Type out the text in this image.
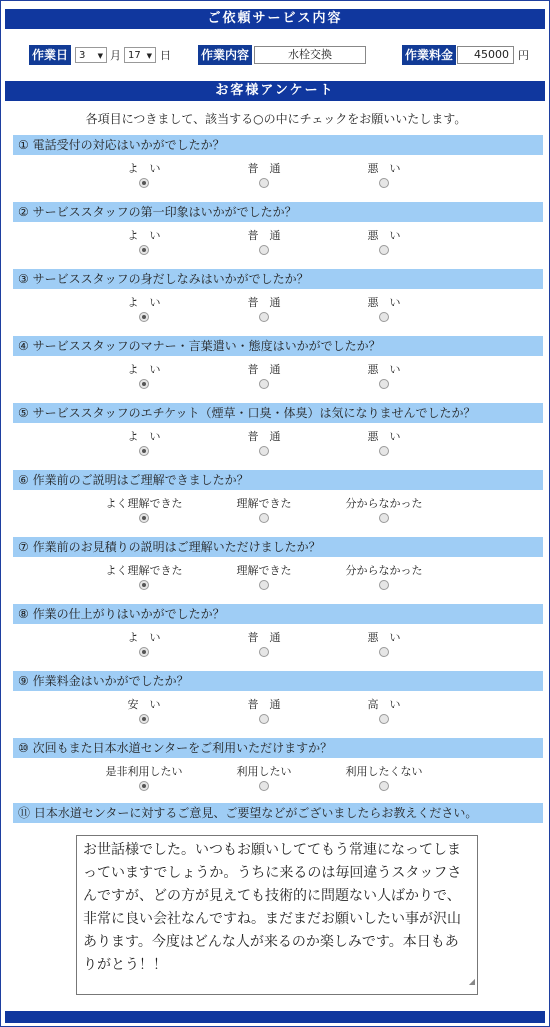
ご依頼サービス内容
作業日	3 ▼ 月 17 ▼ 日	作業内容	水栓交換	作業料金	45000 円
お客様アンケート
各項目につきまして、該当する○の中にチェックをお願いいたします。
① 電話受付の対応はいかがでしたか？
よ　い	普　通	悪　い
② サービススタッフの第一印象はいかがでしたか？
よ　い	普　通	悪　い
③ サービススタッフの身だしなみはいかがでしたか？
よ　い	普　通	悪　い
④ サービススタッフのマナー・言葉遣い・態度はいかがでしたか？
よ　い	普　通	悪　い
⑤ サービススタッフのエチケット（煙草・口臭・体臭）は気になりませんでしたか？
よ　い	普　通	悪　い
⑥ 作業前のご説明はご理解できましたか？
よく理解できた	理解できた	分からなかった
⑦ 作業前のお見積りの説明はご理解いただけましたか？
よく理解できた	理解できた	分からなかった
⑧ 作業の仕上がりはいかがでしたか？
よ　い	普　通	悪　い
⑨ 作業料金はいかがでしたか？
安　い	普　通	高　い
⑩ 次回もまた日本水道センターをご利用いただけますか？
是非利用したい	利用したい	利用したくない
⑪ 日本水道センターに対するご意見、ご要望などがございましたらお教えください。
お世話様でした。いつもお願いしててもう常連になってしまっていますでしょうか。うちに来るのは毎回違うスタッフさんですが、どの方が見えても技術的に問題ない人ばかりで、非常に良い会社なんですね。まだまだお願いしたい事が沢山あります。今度はどんな人が来るのか楽しみです。本日もありがとう！！
◢
